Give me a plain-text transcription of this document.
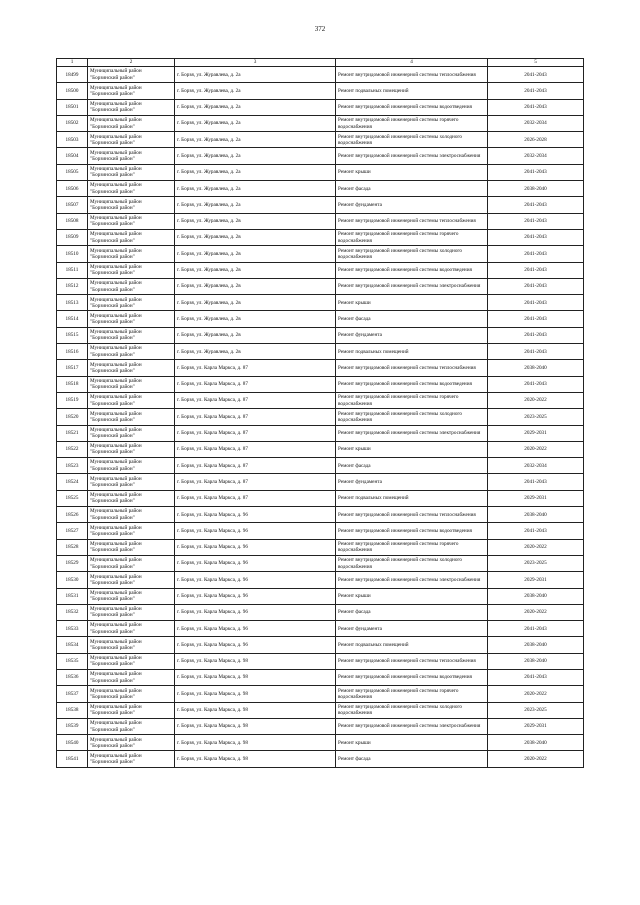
372
1	2	3	4	5
18499	Муниципальный район
"Борзинский район"	г. Борзя, ул. Журавлева, д. 2а	Ремонт внутридомовой инженерной системы теплоснабжения	2041-2043
18500	Муниципальный район
"Борзинский район"	г. Борзя, ул. Журавлева, д. 2а	Ремонт подвальных помещений	2041-2043
18501	Муниципальный район
"Борзинский район"	г. Борзя, ул. Журавлева, д. 2а	Ремонт внутридомовой инженерной системы водоотведения	2041-2043
18502	Муниципальный район
"Борзинский район"	г. Борзя, ул. Журавлева, д. 2а	Ремонт внутридомовой инженерной системы горячего водоснабжения	2032-2034
18503	Муниципальный район
"Борзинский район"	г. Борзя, ул. Журавлева, д. 2а	Ремонт внутридомовой инженерной системы холодного водоснабжения	2026-2028
18504	Муниципальный район
"Борзинский район"	г. Борзя, ул. Журавлева, д. 2а	Ремонт внутридомовой инженерной системы электроснабжения	2032-2034
18505	Муниципальный район
"Борзинский район"	г. Борзя, ул. Журавлева, д. 2а	Ремонт крыши	2041-2043
18506	Муниципальный район
"Борзинский район"	г. Борзя, ул. Журавлева, д. 2а	Ремонт фасада	2038-2040
18507	Муниципальный район
"Борзинский район"	г. Борзя, ул. Журавлева, д. 2а	Ремонт фундамента	2041-2043
18508	Муниципальный район
"Борзинский район"	г. Борзя, ул. Журавлева, д. 2в	Ремонт внутридомовой инженерной системы теплоснабжения	2041-2043
18509	Муниципальный район
"Борзинский район"	г. Борзя, ул. Журавлева, д. 2в	Ремонт внутридомовой инженерной системы горячего водоснабжения	2041-2043
18510	Муниципальный район
"Борзинский район"	г. Борзя, ул. Журавлева, д. 2в	Ремонт внутридомовой инженерной системы холодного водоснабжения	2041-2043
18511	Муниципальный район
"Борзинский район"	г. Борзя, ул. Журавлева, д. 2в	Ремонт внутридомовой инженерной системы водоотведения	2041-2043
18512	Муниципальный район
"Борзинский район"	г. Борзя, ул. Журавлева, д. 2в	Ремонт внутридомовой инженерной системы электроснабжения	2041-2043
18513	Муниципальный район
"Борзинский район"	г. Борзя, ул. Журавлева, д. 2в	Ремонт крыши	2041-2043
18514	Муниципальный район
"Борзинский район"	г. Борзя, ул. Журавлева, д. 2в	Ремонт фасада	2041-2043
18515	Муниципальный район
"Борзинский район"	г. Борзя, ул. Журавлева, д. 2в	Ремонт фундамента	2041-2043
18516	Муниципальный район
"Борзинский район"	г. Борзя, ул. Журавлева, д. 2в	Ремонт подвальных помещений	2041-2043
18517	Муниципальный район
"Борзинский район"	г. Борзя, ул. Карла Маркса, д. 87	Ремонт внутридомовой инженерной системы теплоснабжения	2038-2040
18518	Муниципальный район
"Борзинский район"	г. Борзя, ул. Карла Маркса, д. 87	Ремонт внутридомовой инженерной системы водоотведения	2041-2043
18519	Муниципальный район
"Борзинский район"	г. Борзя, ул. Карла Маркса, д. 87	Ремонт внутридомовой инженерной системы горячего водоснабжения	2020-2022
18520	Муниципальный район
"Борзинский район"	г. Борзя, ул. Карла Маркса, д. 87	Ремонт внутридомовой инженерной системы холодного водоснабжения	2023-2025
18521	Муниципальный район
"Борзинский район"	г. Борзя, ул. Карла Маркса, д. 87	Ремонт внутридомовой инженерной системы электроснабжения	2029-2031
18522	Муниципальный район
"Борзинский район"	г. Борзя, ул. Карла Маркса, д. 87	Ремонт крыши	2020-2022
18523	Муниципальный район
"Борзинский район"	г. Борзя, ул. Карла Маркса, д. 87	Ремонт фасада	2032-2034
18524	Муниципальный район
"Борзинский район"	г. Борзя, ул. Карла Маркса, д. 87	Ремонт фундамента	2041-2043
18525	Муниципальный район
"Борзинский район"	г. Борзя, ул. Карла Маркса, д. 87	Ремонт подвальных помещений	2029-2031
18526	Муниципальный район
"Борзинский район"	г. Борзя, ул. Карла Маркса, д. 96	Ремонт внутридомовой инженерной системы теплоснабжения	2038-2040
18527	Муниципальный район
"Борзинский район"	г. Борзя, ул. Карла Маркса, д. 96	Ремонт внутридомовой инженерной системы водоотведения	2041-2043
18528	Муниципальный район
"Борзинский район"	г. Борзя, ул. Карла Маркса, д. 96	Ремонт внутридомовой инженерной системы горячего водоснабжения	2020-2022
18529	Муниципальный район
"Борзинский район"	г. Борзя, ул. Карла Маркса, д. 96	Ремонт внутридомовой инженерной системы холодного водоснабжения	2023-2025
18530	Муниципальный район
"Борзинский район"	г. Борзя, ул. Карла Маркса, д. 96	Ремонт внутридомовой инженерной системы электроснабжения	2029-2031
18531	Муниципальный район
"Борзинский район"	г. Борзя, ул. Карла Маркса, д. 96	Ремонт крыши	2038-2040
18532	Муниципальный район
"Борзинский район"	г. Борзя, ул. Карла Маркса, д. 96	Ремонт фасада	2020-2022
18533	Муниципальный район
"Борзинский район"	г. Борзя, ул. Карла Маркса, д. 96	Ремонт фундамента	2041-2043
18534	Муниципальный район
"Борзинский район"	г. Борзя, ул. Карла Маркса, д. 96	Ремонт подвальных помещений	2038-2040
18535	Муниципальный район
"Борзинский район"	г. Борзя, ул. Карла Маркса, д. 98	Ремонт внутридомовой инженерной системы теплоснабжения	2038-2040
18536	Муниципальный район
"Борзинский район"	г. Борзя, ул. Карла Маркса, д. 98	Ремонт внутридомовой инженерной системы водоотведения	2041-2043
18537	Муниципальный район
"Борзинский район"	г. Борзя, ул. Карла Маркса, д. 98	Ремонт внутридомовой инженерной системы горячего водоснабжения	2020-2022
18538	Муниципальный район
"Борзинский район"	г. Борзя, ул. Карла Маркса, д. 98	Ремонт внутридомовой инженерной системы холодного водоснабжения	2023-2025
18539	Муниципальный район
"Борзинский район"	г. Борзя, ул. Карла Маркса, д. 98	Ремонт внутридомовой инженерной системы электроснабжения	2029-2031
18540	Муниципальный район
"Борзинский район"	г. Борзя, ул. Карла Маркса, д. 98	Ремонт крыши	2038-2040
18541	Муниципальный район
"Борзинский район"	г. Борзя, ул. Карла Маркса, д. 98	Ремонт фасада	2020-2022
